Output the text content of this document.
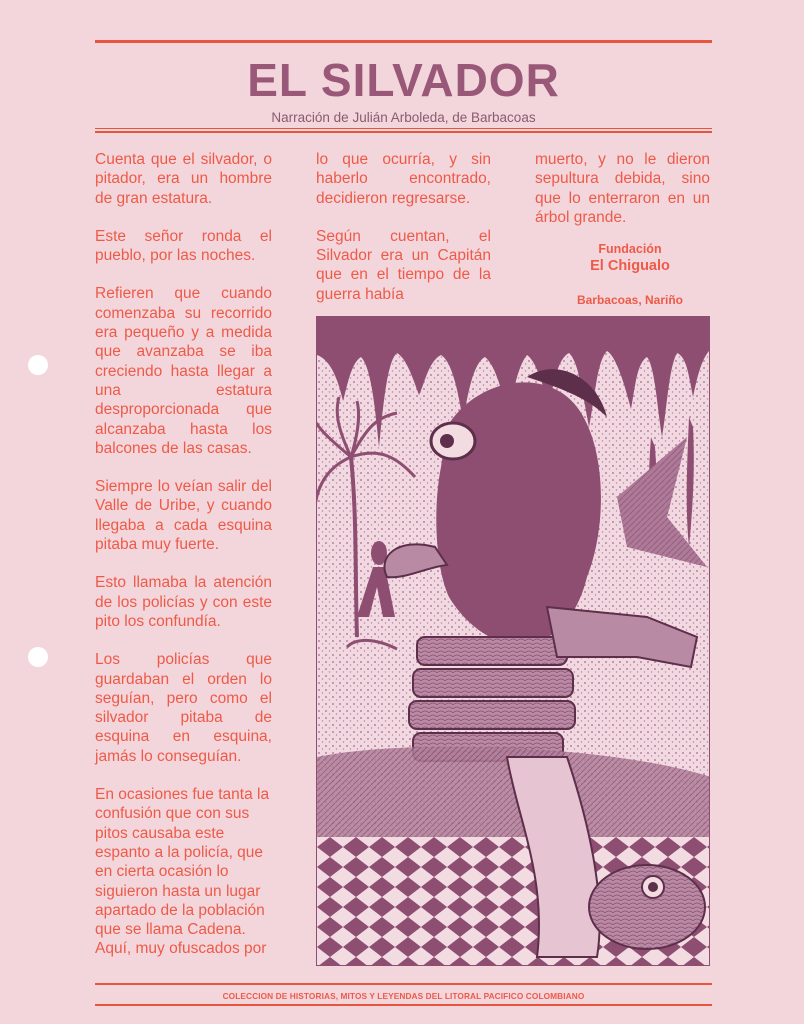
EL SILVADOR
Narración de Julián Arboleda, de Barbacoas

Cuenta que el silvador, o pitador, era un hombre de gran estatura.

Este señor ronda el pueblo, por las noches.

Refieren que cuando comenzaba su recorrido era pequeño y a medida que avanzaba se iba creciendo hasta llegar a una estatura desproporcionada que alcanzaba hasta los balcones de las casas.

Siempre lo veían salir del Valle de Uribe, y cuando llegaba a cada esquina pitaba muy fuerte.

Esto llamaba la atención de los policías y con este pito los confundía.

Los policías que guardaban el orden lo seguían, pero como el silvador pitaba de esquina en esquina, jamás lo conseguían.

En ocasiones fue tanta la confusión que con sus pitos causaba este espanto a la policía, que en cierta ocasión lo siguieron hasta un lugar apartado de la población que se llama Cadena. Aquí, muy ofuscados por

lo que ocurría, y sin haberlo encontrado, decidieron regresarse.

Según cuentan, el Silvador era un Capitán que en el tiempo de la guerra había

muerto, y no le dieron sepultura debida, sino que lo enterraron en un árbol grande.

Fundación
El Chigualo
Barbacoas, Nariño
COLECCION DE HISTORIAS, MITOS Y LEYENDAS DEL LITORAL PACIFICO COLOMBIANO
